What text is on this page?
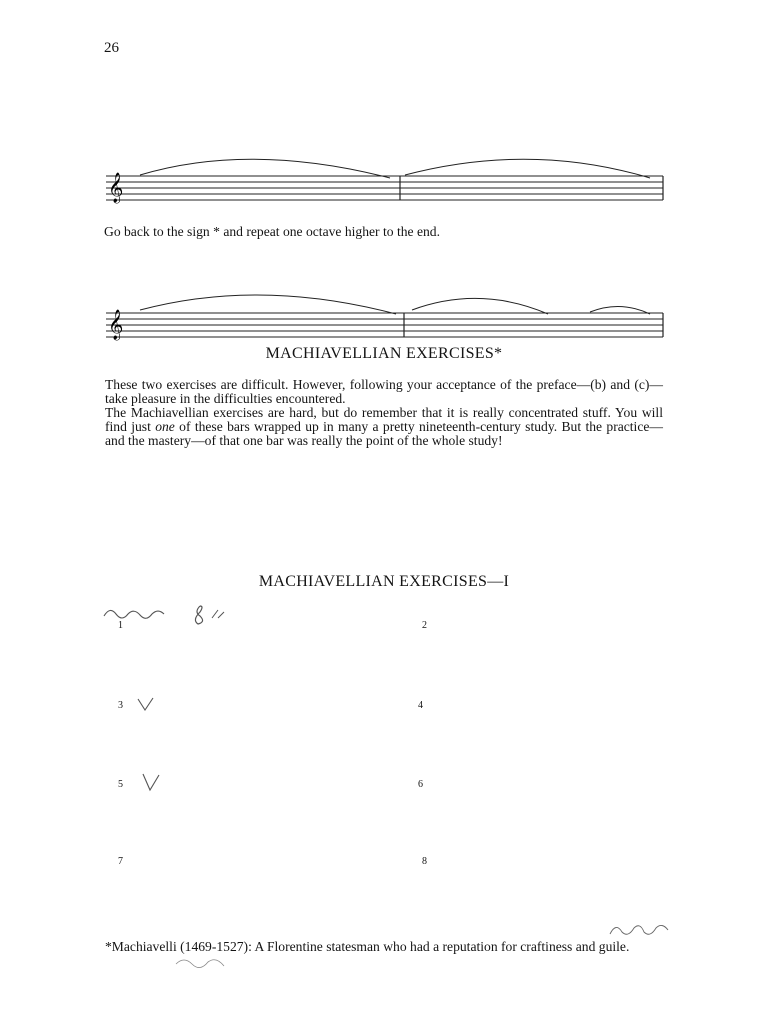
26
𝄞
𝄞
Go back to the sign * and repeat one octave higher to the end.
MACHIAVELLIAN EXERCISES*

These two exercises are difficult. However, following your acceptance of the preface—(b) and (c)—take pleasure in the difficulties encountered.

The Machiavellian exercises are hard, but do remember that it is really concentrated stuff. You will find just one of these bars wrapped up in many a pretty nineteenth-century study. But the practice—and the mastery—of that one bar was really the point of the whole study!

MACHIAVELLIAN EXERCISES—I
1	2
3	4
5	6
7	8
*Machiavelli (1469-1527): A Florentine statesman who had a reputation for craftiness and guile.
